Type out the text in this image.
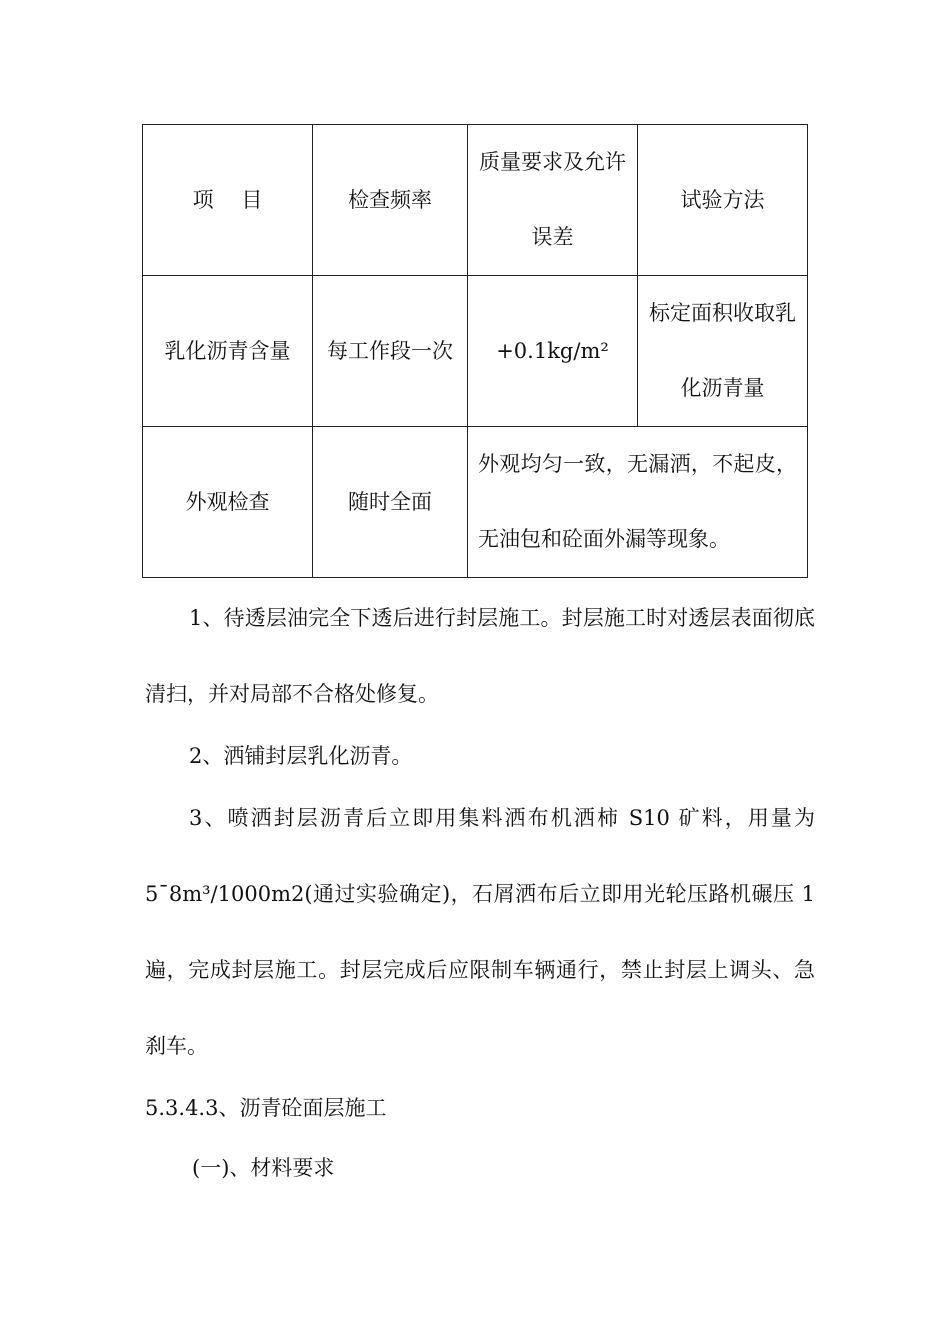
项　 目	检查频率	质量要求及允许误差	试验方法
乳化沥青含量	每工作段一次	+0.1kg/m²	标定面积收取乳化沥青量
外观检查	随时全面	外观均匀一致，无漏洒，不起皮，无油包和砼面外漏等现象。	

1、待透层油完全下透后进行封层施工。封层施工时对透层表面彻底清扫，并对局部不合格处修复。

2、洒铺封层乳化沥青。

3、喷洒封层沥青后立即用集料洒布机洒柿 S10 矿料，用量为 5¯8m³/1000m2(通过实验确定)，石屑洒布后立即用光轮压路机碾压 1 遍，完成封层施工。封层完成后应限制车辆通行，禁止封层上调头、急刹车。

5.3.4.3、沥青砼面层施工

(一)、材料要求
